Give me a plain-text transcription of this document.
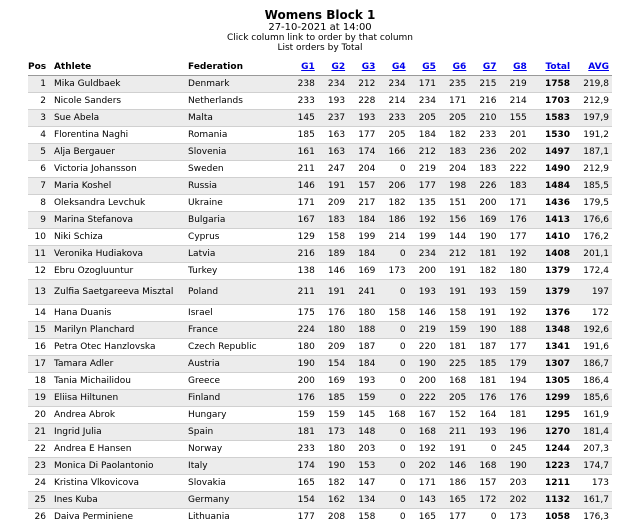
Womens Block 1
27-10-2021 at 14:00
Click column link to order by that column
List orders by Total
Pos	Athlete	Federation	G1	G2	G3	G4	G5	G6	G7	G8	Total	AVG
1	Mika Guldbaek	Denmark	238	234	212	234	171	235	215	219	1758	219,8
2	Nicole Sanders	Netherlands	233	193	228	214	234	171	216	214	1703	212,9
3	Sue Abela	Malta	145	237	193	233	205	205	210	155	1583	197,9
4	Florentina Naghi	Romania	185	163	177	205	184	182	233	201	1530	191,2
5	Alja Bergauer	Slovenia	161	163	174	166	212	183	236	202	1497	187,1
6	Victoria Johansson	Sweden	211	247	204	0	219	204	183	222	1490	212,9
7	Maria Koshel	Russia	146	191	157	206	177	198	226	183	1484	185,5
8	Oleksandra Levchuk	Ukraine	171	209	217	182	135	151	200	171	1436	179,5
9	Marina Stefanova	Bulgaria	167	183	184	186	192	156	169	176	1413	176,6
10	Niki Schiza	Cyprus	129	158	199	214	199	144	190	177	1410	176,2
11	Veronika Hudiakova	Latvia	216	189	184	0	234	212	181	192	1408	201,1
12	Ebru Ozogluuntur	Turkey	138	146	169	173	200	191	182	180	1379	172,4
13	Zulfia Saetgareeva Misztal	Poland	211	191	241	0	193	191	193	159	1379	197
14	Hana Duanis	Israel	175	176	180	158	146	158	191	192	1376	172
15	Marilyn Planchard	France	224	180	188	0	219	159	190	188	1348	192,6
16	Petra Otec Hanzlovska	Czech Republic	180	209	187	0	220	181	187	177	1341	191,6
17	Tamara Adler	Austria	190	154	184	0	190	225	185	179	1307	186,7
18	Tania Michailidou	Greece	200	169	193	0	200	168	181	194	1305	186,4
19	Eliisa Hiltunen	Finland	176	185	159	0	222	205	176	176	1299	185,6
20	Andrea Abrok	Hungary	159	159	145	168	167	152	164	181	1295	161,9
21	Ingrid Julia	Spain	181	173	148	0	168	211	193	196	1270	181,4
22	Andrea E Hansen	Norway	233	180	203	0	192	191	0	245	1244	207,3
23	Monica Di Paolantonio	Italy	174	190	153	0	202	146	168	190	1223	174,7
24	Kristina Vlkovicova	Slovakia	165	182	147	0	171	186	157	203	1211	173
25	Ines Kuba	Germany	154	162	134	0	143	165	172	202	1132	161,7
26	Daiva Perminiene	Lithuania	177	208	158	0	165	177	0	173	1058	176,3
